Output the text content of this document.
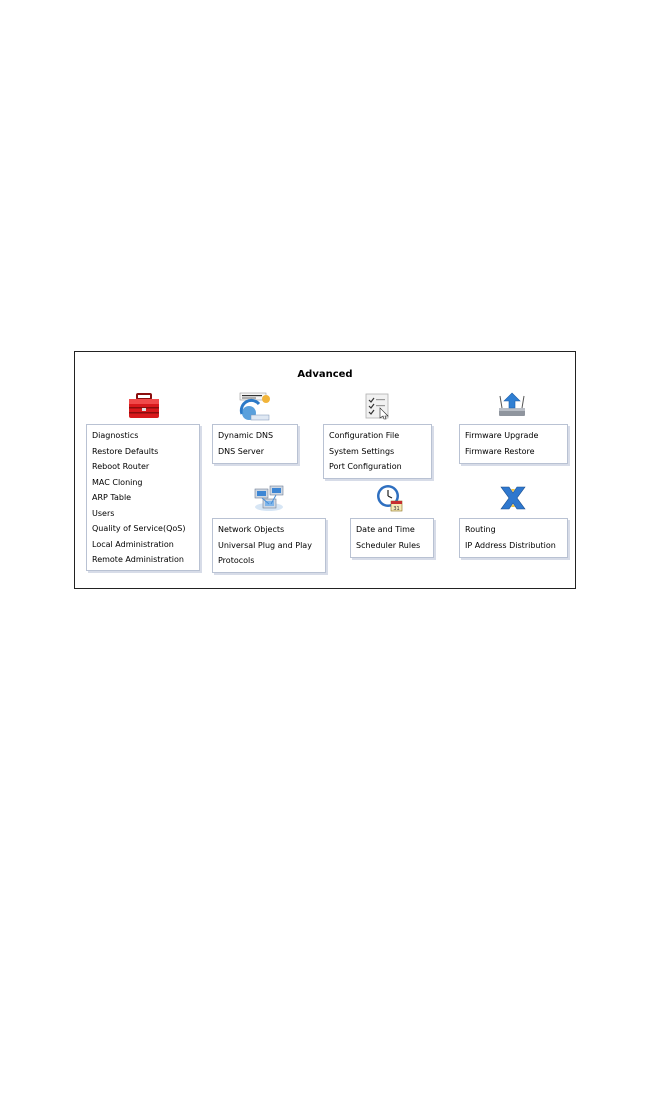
Advanced
31
Diagnostics
Restore Defaults
Reboot Router
MAC Cloning
ARP Table
Users
Quality of Service(QoS)
Local Administration
Remote Administration
Dynamic DNS
DNS Server
Configuration File
System Settings
Port Configuration
Firmware Upgrade
Firmware Restore
Network Objects
Universal Plug and Play
Protocols
Date and Time
Scheduler Rules
Routing
IP Address Distribution
